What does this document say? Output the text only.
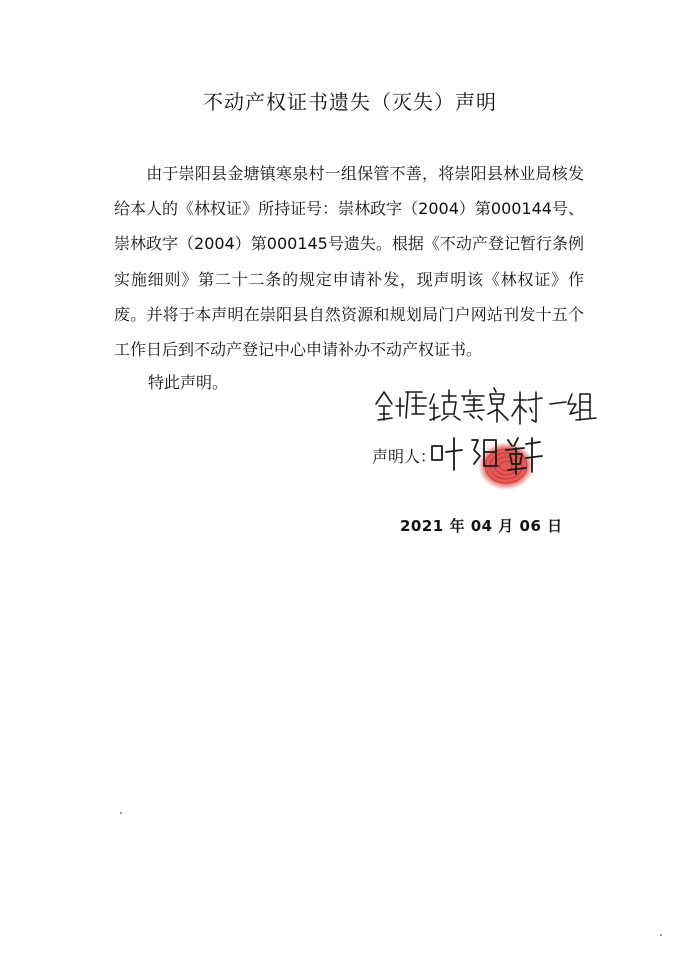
不动产权证书遗失（灭失）声明
由于崇阳县金塘镇寒泉村一组保管不善，将崇阳县林业局核发给本人的《林权证》所持证号：崇林政字（2004）第000144号、崇林政字（2004）第000145号遗失。根据《不动产登记暂行条例实施细则》第二十二条的规定申请补发，现声明该《林权证》作废。并将于本声明在崇阳县自然资源和规划局门户网站刊发十五个工作日后到不动产登记中心申请补办不动产权证书。
特此声明。
声明人：
2021 年 04 月 06 日
